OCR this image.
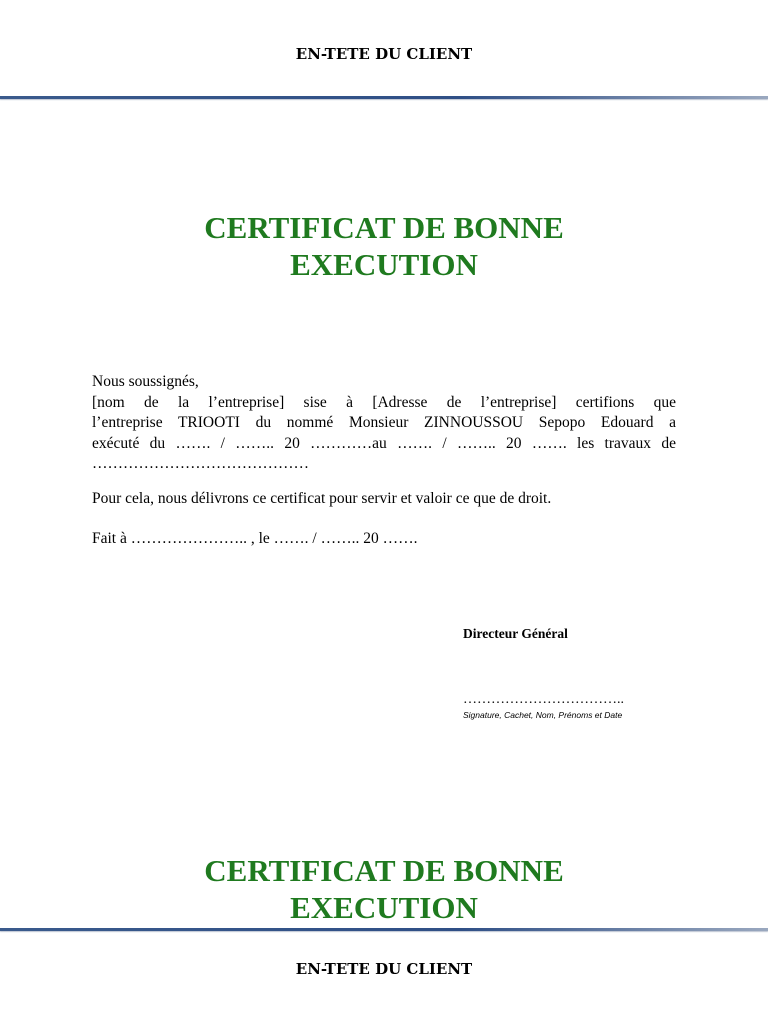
EN-TETE DU CLIENT
CERTIFICAT DE BONNE
EXECUTION
Nous soussignés,
[nom de la l’entreprise] sise à [Adresse de l’entreprise] certifions que
l’entreprise TRIOOTI du nommé Monsieur ZINNOUSSOU Sepopo Edouard a
exécuté du ……. / …….. 20 …………au ……. / …….. 20 ……. les travaux de
……………………………………
Pour cela, nous délivrons ce certificat pour servir et valoir ce que de droit.
Fait à ………………….. , le ……. / …….. 20 …….
Directeur Général
……………………………..
Signature, Cachet, Nom, Prénoms et Date
CERTIFICAT DE BONNE
EXECUTION
EN-TETE DU CLIENT
